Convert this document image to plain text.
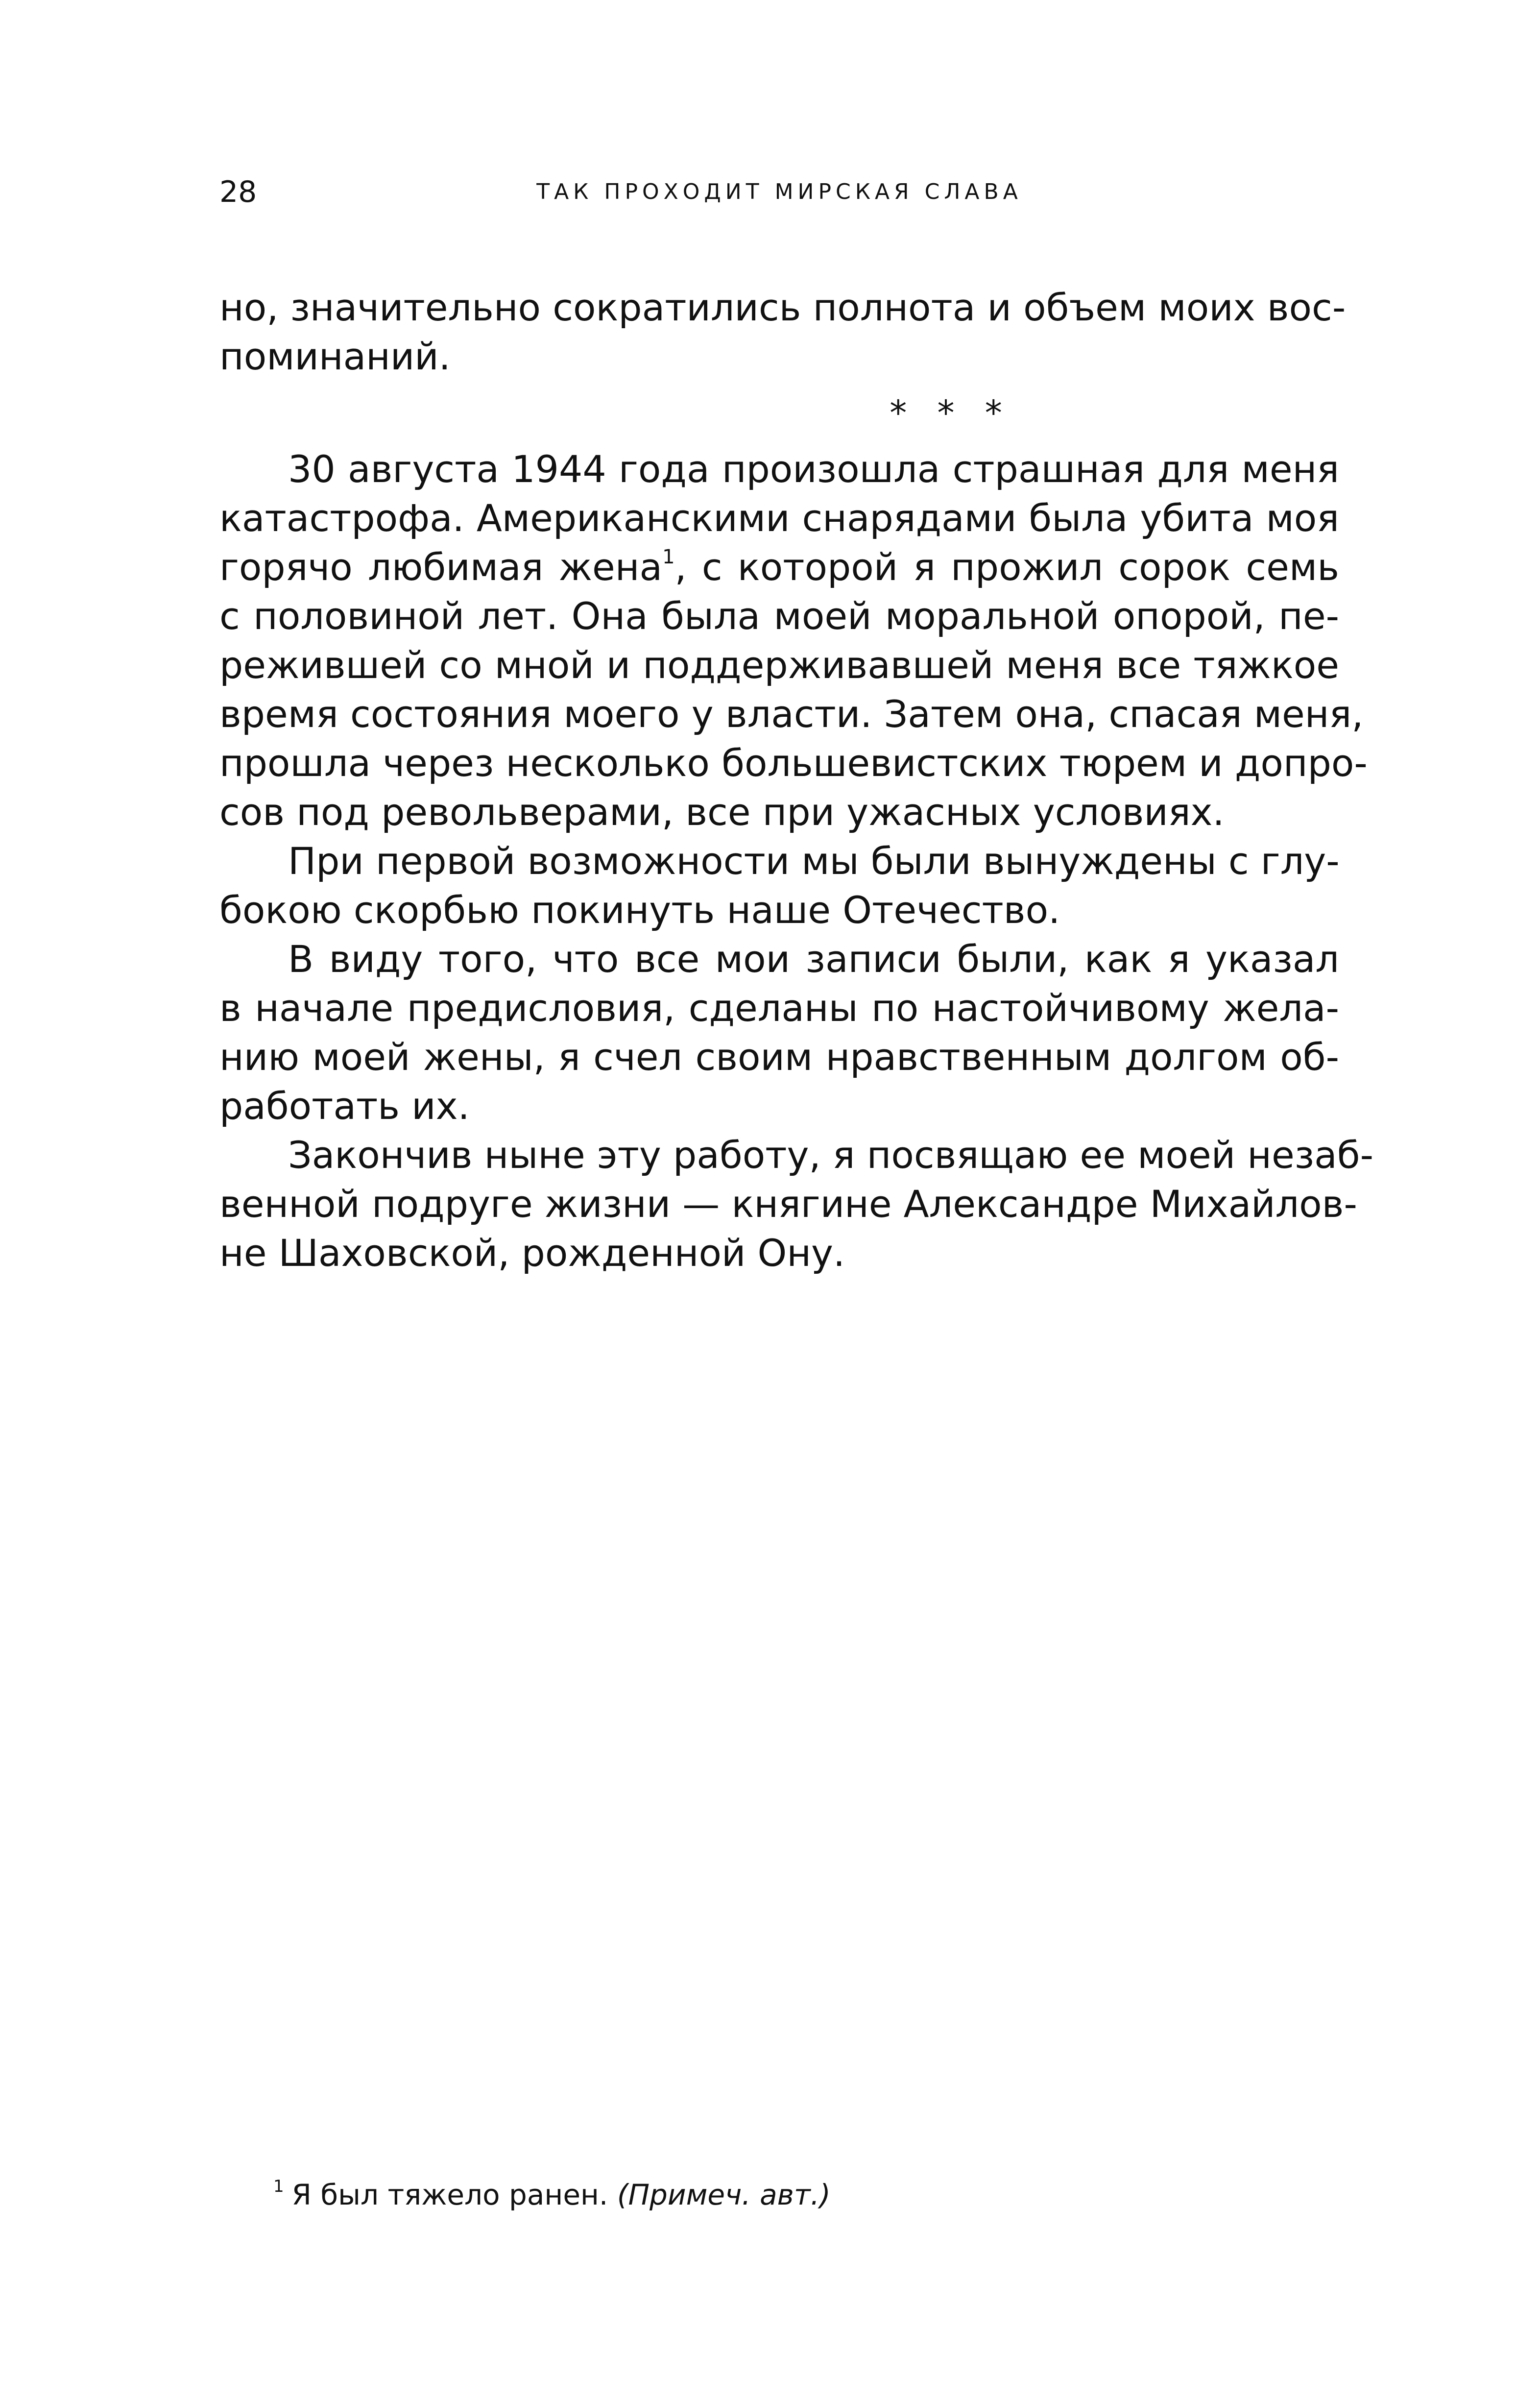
28	ТАК ПРОХОДИТ МИРСКАЯ СЛАВА
но, значительно сократились полнота и объем моих вос-
поминаний.
* * *
30 августа 1944 года произошла страшная для меня
катастрофа. Американскими снарядами была убита моя
горячо любимая жена$^1$, с которой я прожил сорок семь
с половиной лет. Она была моей моральной опорой, пе-
режившей со мной и поддерживавшей меня все тяжкое
время состояния моего у власти. Затем она, спасая меня,
прошла через несколько большевистских тюрем и допро-
сов под револьверами, все при ужасных условиях.
При первой возможности мы были вынуждены с глу-
бокою скорбью покинуть наше Отечество.
В виду того, что все мои записи были, как я указал
в начале предисловия, сделаны по настойчивому жела-
нию моей жены, я счел своим нравственным долгом об-
работать их.
Закончив ныне эту работу, я посвящаю ее моей незаб-
венной подруге жизни — княгине Александре Михайлов-
не Шаховской, рожденной Ону.
$^1$ Я был тяжело ранен. (Примеч. авт.)
